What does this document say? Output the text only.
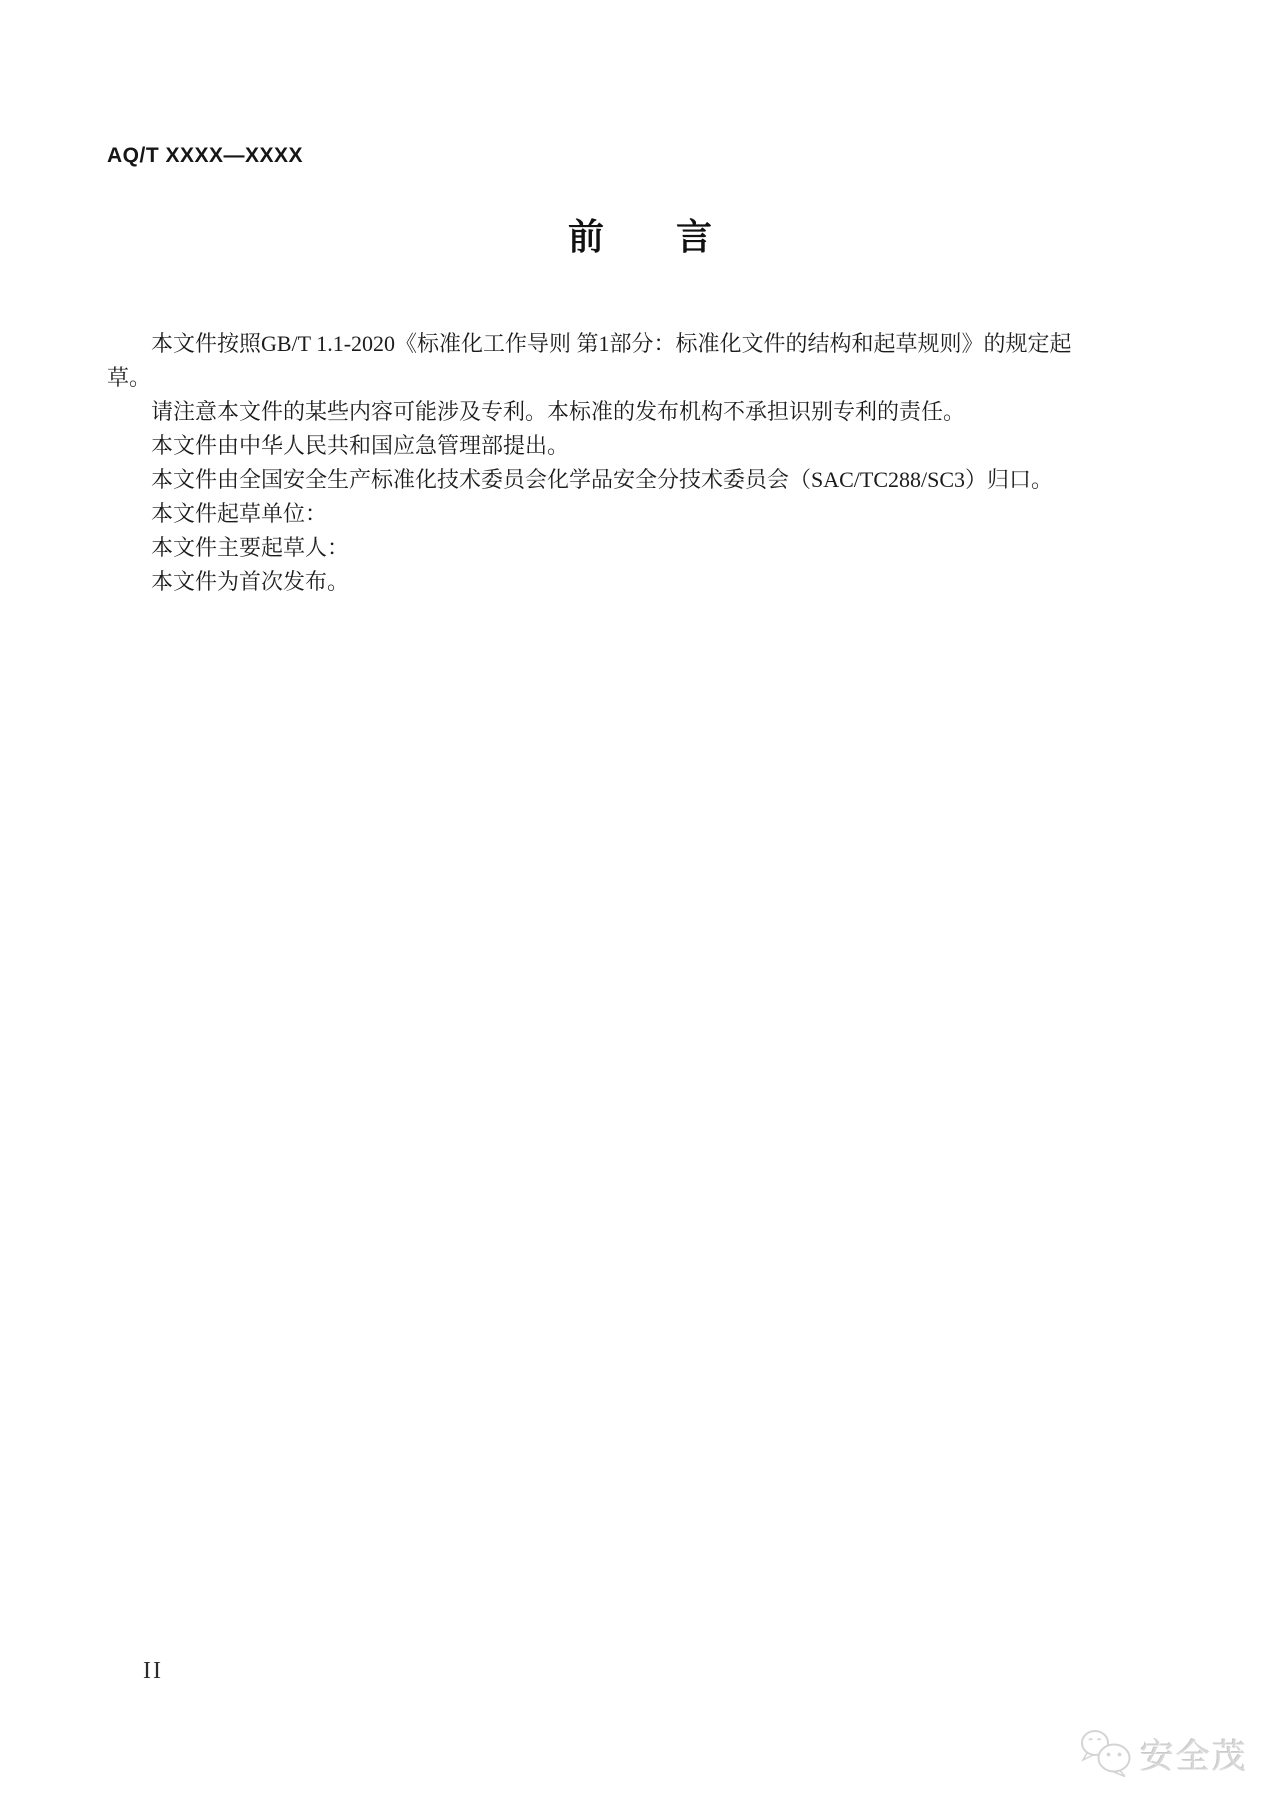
AQ/T XXXX—XXXX
前　　言
本文件按照GB/T 1.1-2020《标准化工作导则 第1部分：标准化文件的结构和起草规则》的规定起
草。
请注意本文件的某些内容可能涉及专利。本标准的发布机构不承担识别专利的责任。
本文件由中华人民共和国应急管理部提出。
本文件由全国安全生产标准化技术委员会化学品安全分技术委员会（SAC/TC288/SC3）归口。
本文件起草单位：
本文件主要起草人：
本文件为首次发布。
II
安全茂
